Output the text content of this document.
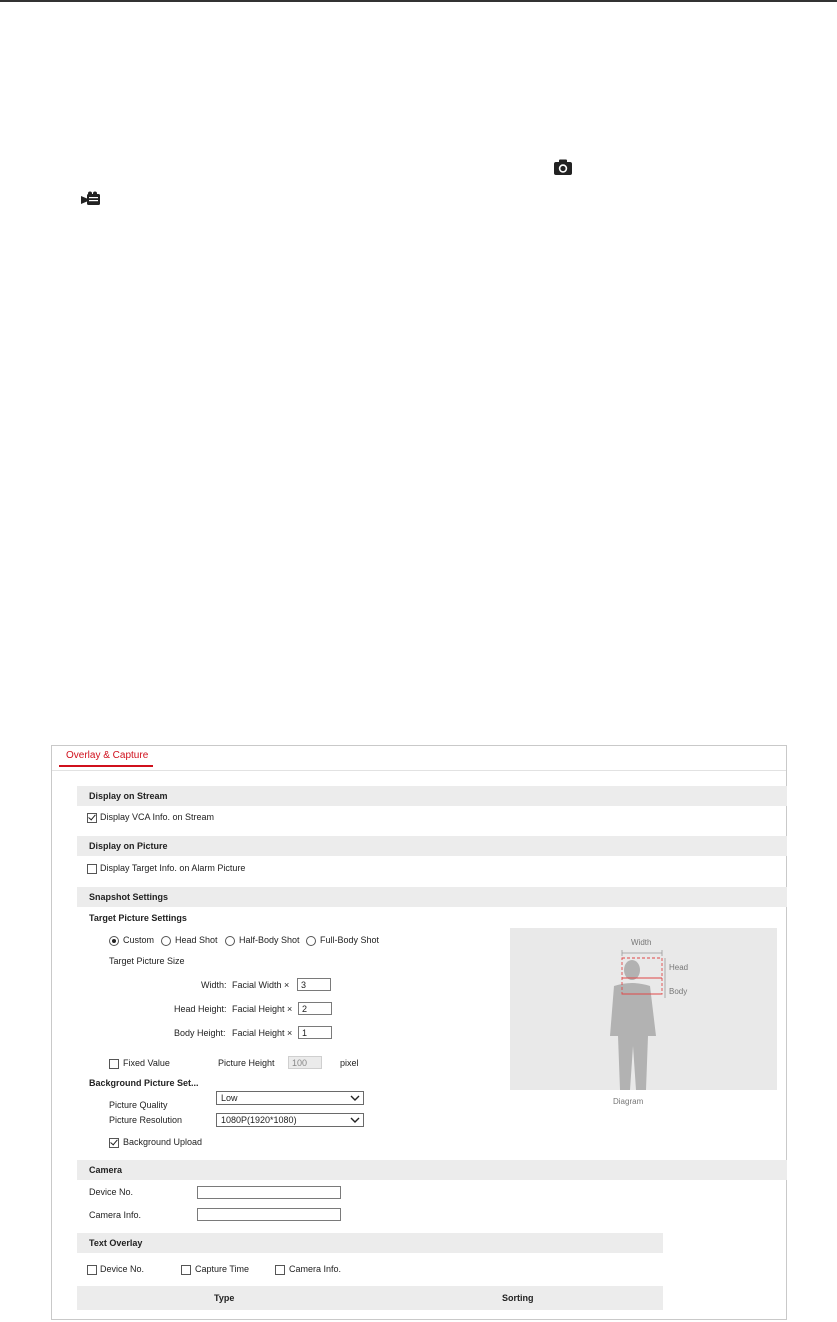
Overlay & Capture
Display on Stream
Display VCA Info. on Stream
Display on Picture
Display Target Info. on Alarm Picture
Snapshot Settings
Target Picture Settings
Custom Head Shot Half-Body Shot Full-Body Shot
Target Picture Size
Width: Facial Width ×	3
Head Height: Facial Height ×	2
Body Height: Facial Height ×	1
Fixed Value	Picture Height	100	pixel
Background Picture Set...
Picture Quality
Low
Picture Resolution	1080P(1920*1080)
Background Upload
Width
Head
Body
Diagram
Camera
Device No.
Camera Info.
Text Overlay
Device No.	Capture Time	Camera Info.
Type	Sorting
